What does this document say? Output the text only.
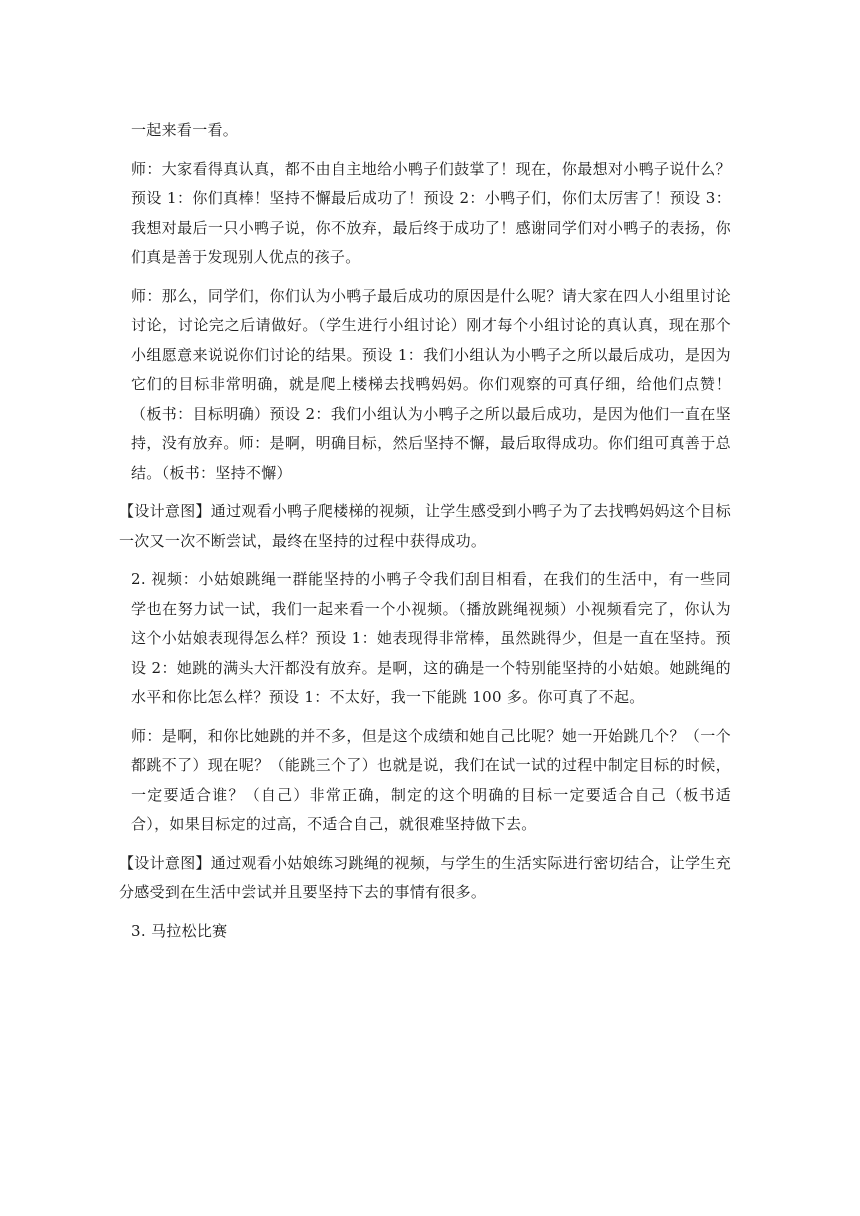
一起来看一看。

师：大家看得真认真，都不由自主地给小鸭子们鼓掌了！现在，你最想对小鸭子说什么？预设 1：你们真棒！坚持不懈最后成功了！预设 2：小鸭子们，你们太厉害了！预设 3：我想对最后一只小鸭子说，你不放弃，最后终于成功了！感谢同学们对小鸭子的表扬，你们真是善于发现别人优点的孩子。

师：那么，同学们，你们认为小鸭子最后成功的原因是什么呢？请大家在四人小组里讨论讨论，讨论完之后请做好。（学生进行小组讨论）刚才每个小组讨论的真认真，现在那个小组愿意来说说你们讨论的结果。预设 1：我们小组认为小鸭子之所以最后成功，是因为它们的目标非常明确，就是爬上楼梯去找鸭妈妈。你们观察的可真仔细，给他们点赞！（板书：目标明确）预设 2：我们小组认为小鸭子之所以最后成功，是因为他们一直在坚持，没有放弃。师：是啊，明确目标，然后坚持不懈，最后取得成功。你们组可真善于总结。（板书：坚持不懈）

【设计意图】通过观看小鸭子爬楼梯的视频，让学生感受到小鸭子为了去找鸭妈妈这个目标一次又一次不断尝试，最终在坚持的过程中获得成功。

2. 视频：小姑娘跳绳一群能坚持的小鸭子令我们刮目相看，在我们的生活中，有一些同学也在努力试一试，我们一起来看一个小视频。（播放跳绳视频）小视频看完了，你认为这个小姑娘表现得怎么样？预设 1：她表现得非常棒，虽然跳得少，但是一直在坚持。预设 2：她跳的满头大汗都没有放弃。是啊，这的确是一个特别能坚持的小姑娘。她跳绳的水平和你比怎么样？预设 1：不太好，我一下能跳 100 多。你可真了不起。

师：是啊，和你比她跳的并不多，但是这个成绩和她自己比呢？她一开始跳几个？（一个都跳不了）现在呢？（能跳三个了）也就是说，我们在试一试的过程中制定目标的时候，一定要适合谁？（自己）非常正确，制定的这个明确的目标一定要适合自己（板书适合），如果目标定的过高，不适合自己，就很难坚持做下去。

【设计意图】通过观看小姑娘练习跳绳的视频，与学生的生活实际进行密切结合，让学生充分感受到在生活中尝试并且要坚持下去的事情有很多。

3. 马拉松比赛
